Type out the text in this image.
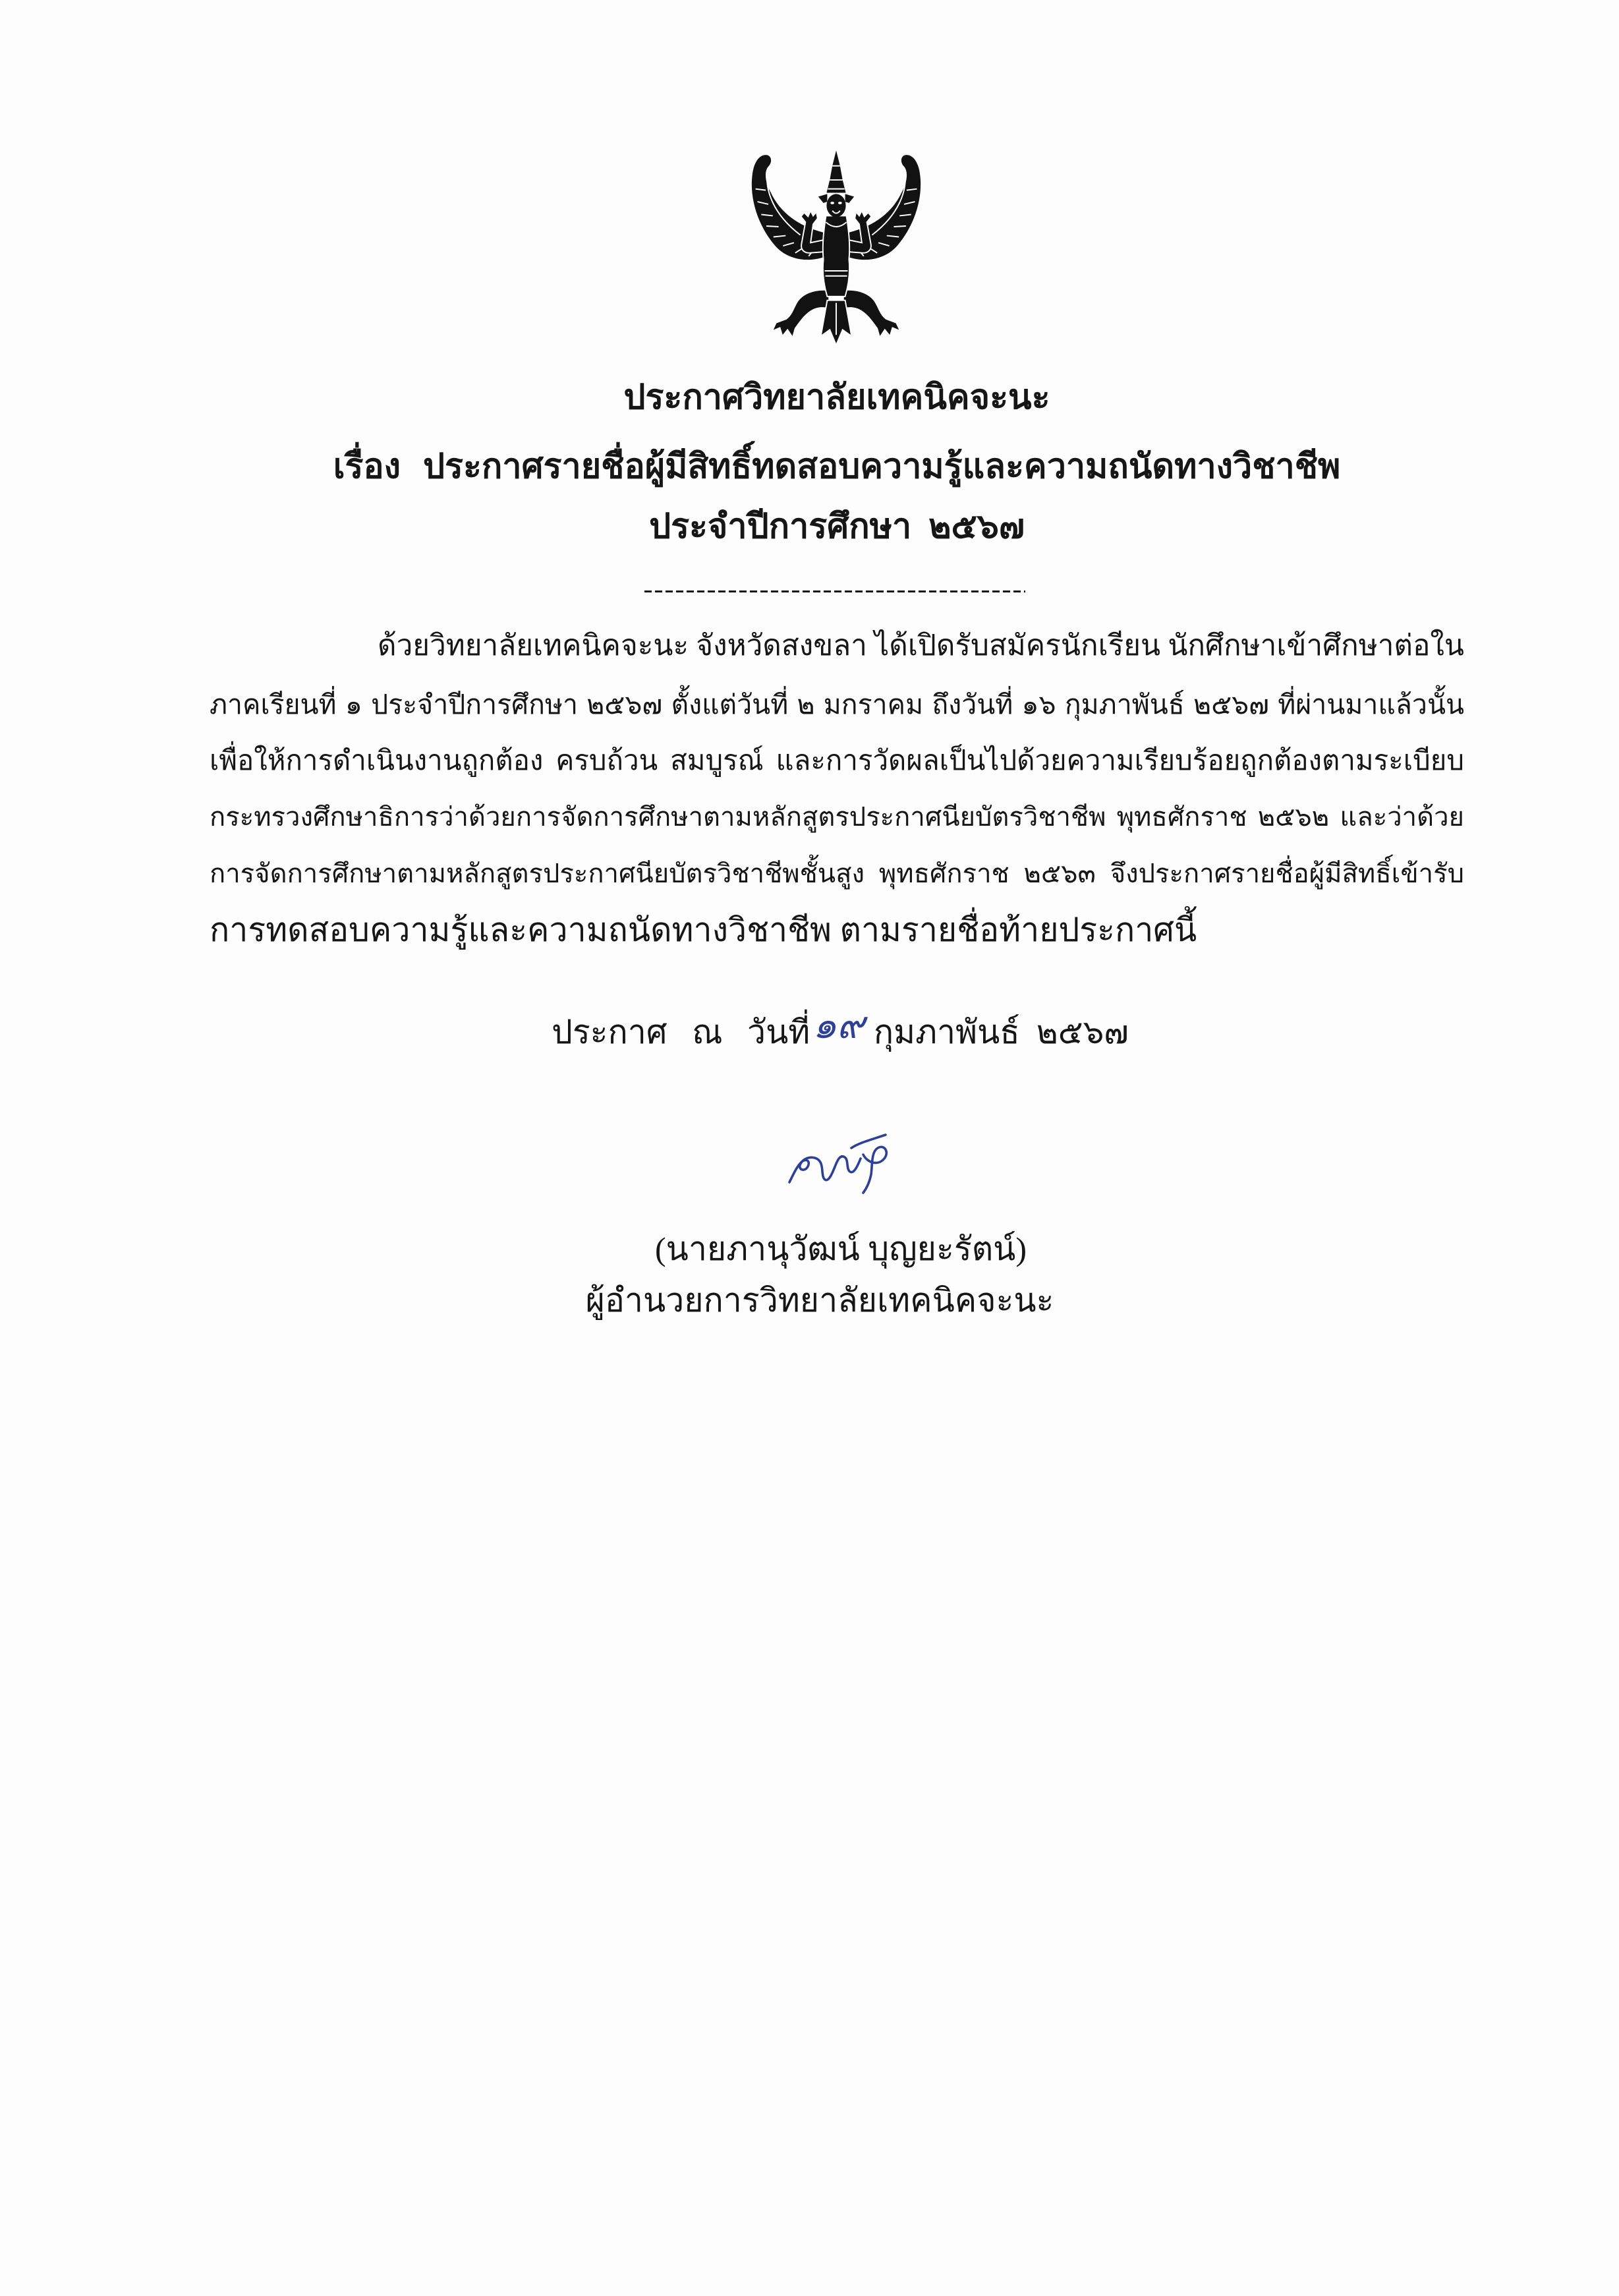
ประกาศวิทยาลัยเทคนิคจะนะ
เรื่อง ประกาศรายชื่อผู้มีสิทธิ์ทดสอบความรู้และความถนัดทางวิชาชีพ
ประจำปีการศึกษา  ๒๕๖๗
ด้วยวิทยาลัยเทคนิคจะนะ จังหวัดสงขลา ได้เปิดรับสมัครนักเรียน นักศึกษาเข้าศึกษาต่อใน
ภาคเรียนที่ ๑ ประจำปีการศึกษา ๒๕๖๗ ตั้งแต่วันที่ ๒ มกราคม ถึงวันที่ ๑๖ กุมภาพันธ์ ๒๕๖๗ ที่ผ่านมาแล้วนั้น
เพื่อให้การดำเนินงานถูกต้อง ครบถ้วน สมบูรณ์ และการวัดผลเป็นไปด้วยความเรียบร้อยถูกต้องตามระเบียบ
กระทรวงศึกษาธิการว่าด้วยการจัดการศึกษาตามหลักสูตรประกาศนียบัตรวิชาชีพ พุทธศักราช ๒๕๖๒ และว่าด้วย
การจัดการศึกษาตามหลักสูตรประกาศนียบัตรวิชาชีพชั้นสูง พุทธศักราช ๒๕๖๓ จึงประกาศรายชื่อผู้มีสิทธิ์เข้ารับ
การทดสอบความรู้และความถนัดทางวิชาชีพ ตามรายชื่อท้ายประกาศนี้
ประกาศ   ณ   วันที่๑๙ กุมภาพันธ์  ๒๕๖๗
(นายภานุวัฒน์ บุญยะรัตน์)
ผู้อำนวยการวิทยาลัยเทคนิคจะนะ
